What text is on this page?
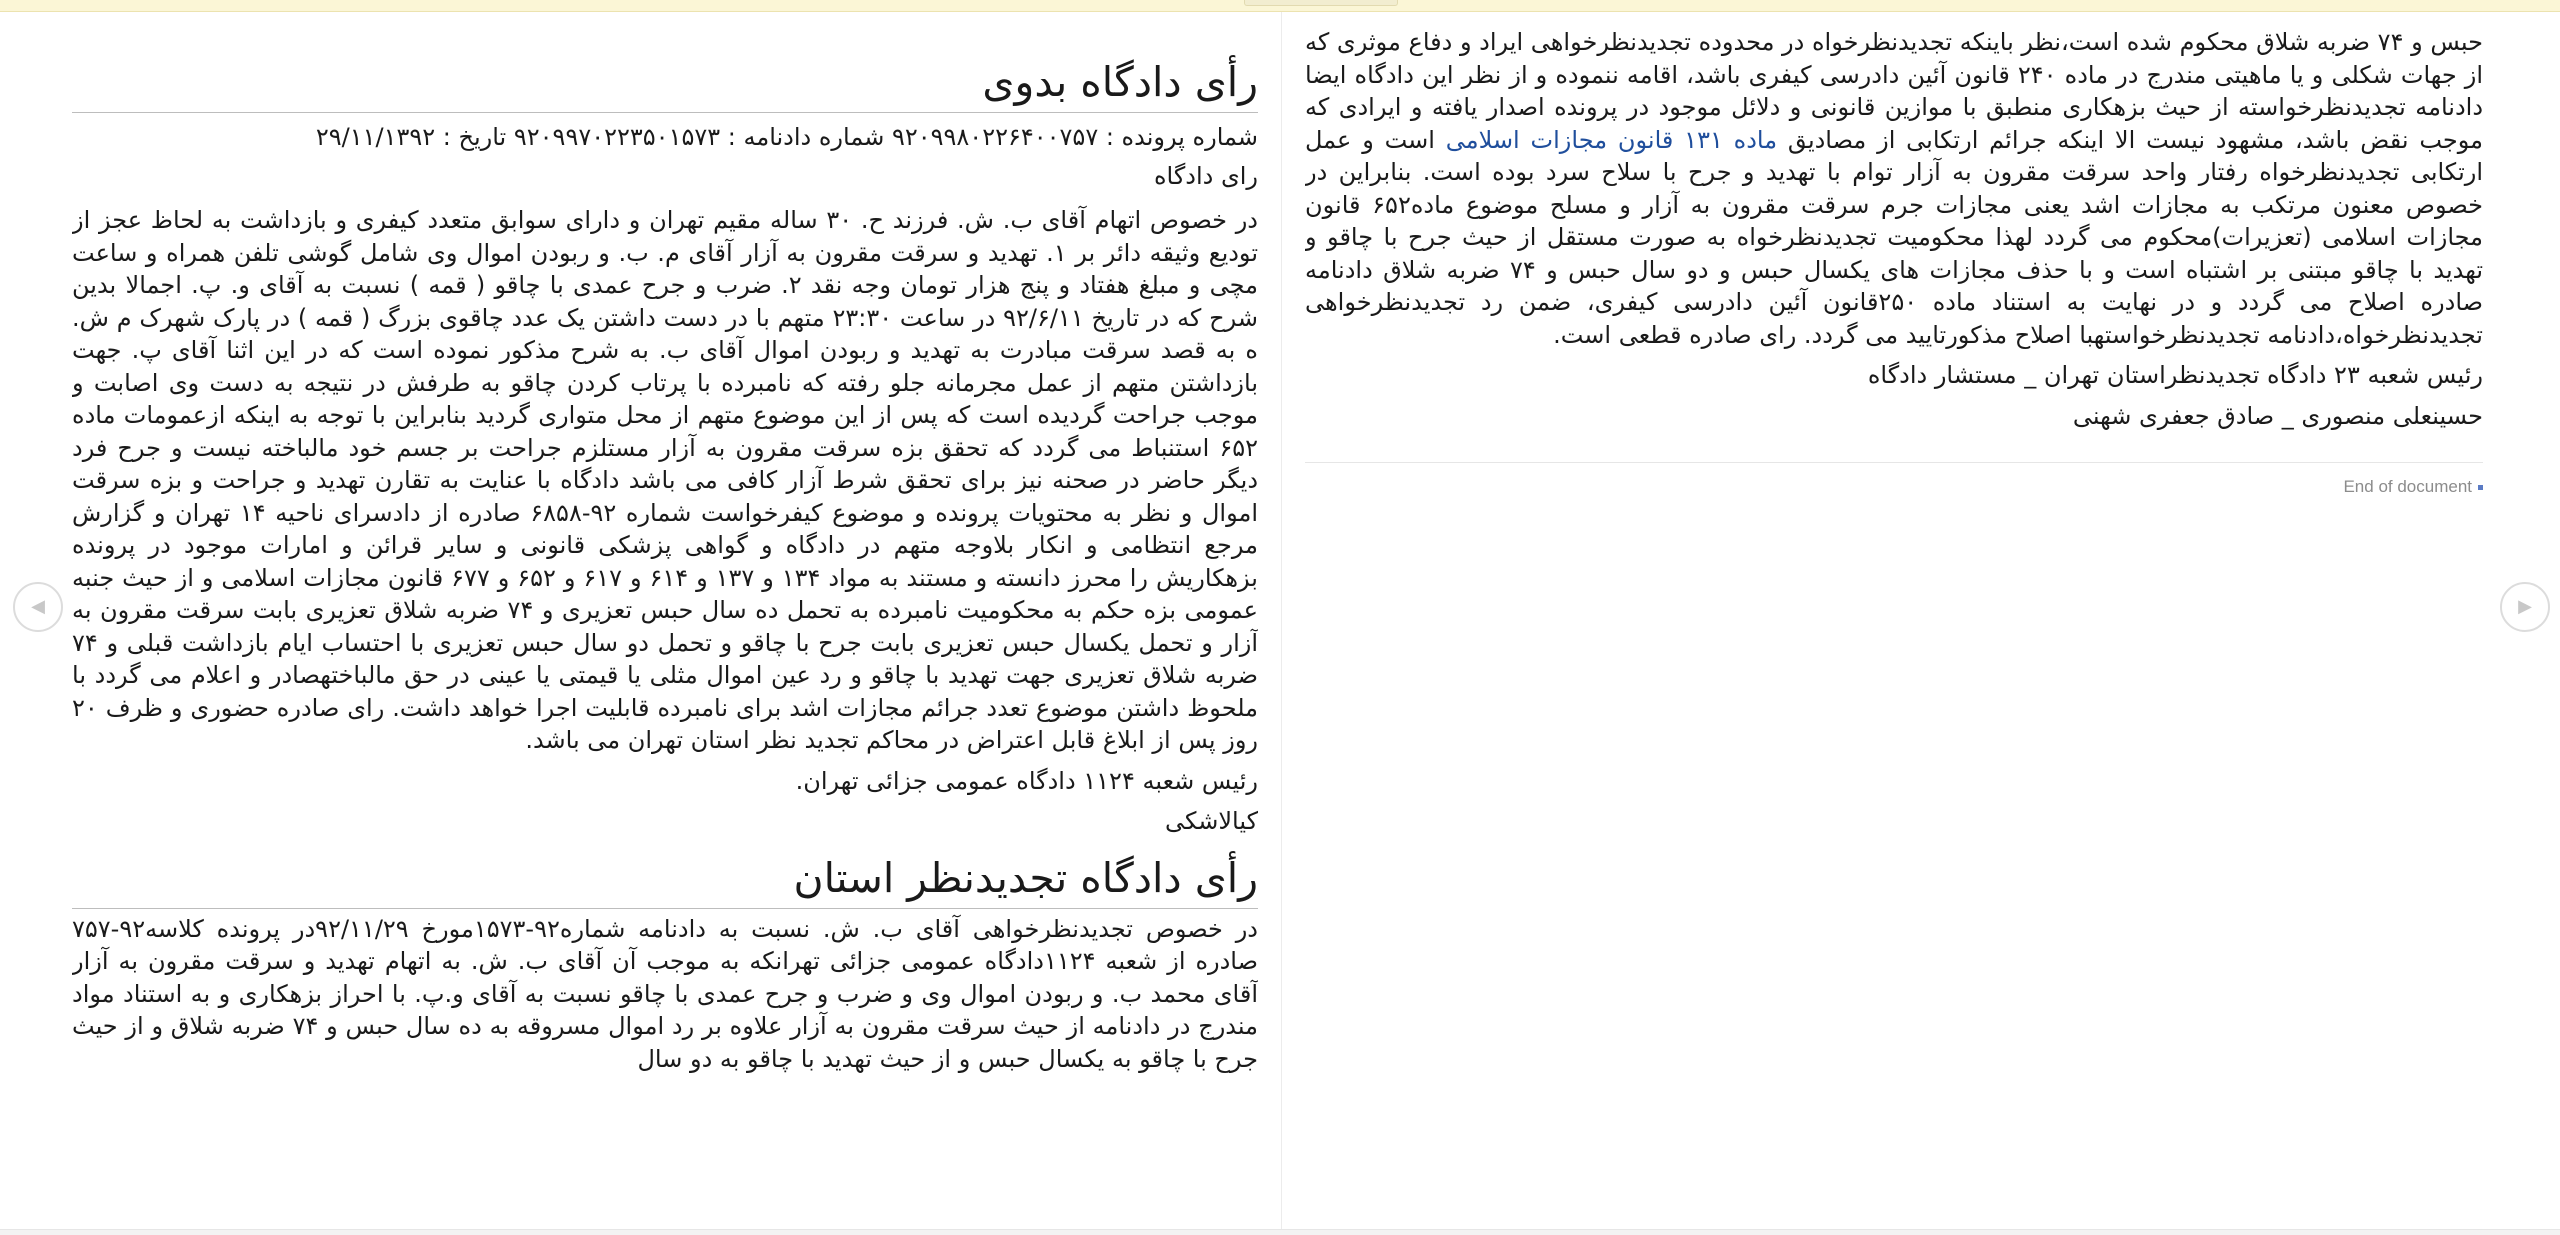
رأی دادگاه بدوی

شماره پرونده : ۹۲۰۹۹۸۰۲۲۶۴۰۰۷۵۷ شماره دادنامه : ۹۲۰۹۹۷۰۲۲۳۵۰۱۵۷۳ تاریخ : ۲۹/۱۱/۱۳۹۲

رای دادگاه

در خصوص اتهام آقای ب. ش. فرزند ح. ۳۰ ساله مقیم تهران و دارای سوابق متعدد کیفری و بازداشت به لحاظ عجز از تودیع وثیقه دائر بر ۱. تهدید و سرقت مقرون به آزار آقای م. ب. و ربودن اموال وی شامل گوشی تلفن همراه و ساعت مچی و مبلغ هفتاد و پنج هزار تومان وجه نقد ۲. ضرب و جرح عمدی با چاقو ( قمه ) نسبت به آقای و. پ. اجمالا بدین شرح که در تاریخ ۹۲/۶/۱۱ در ساعت ۲۳:۳۰ متهم با در دست داشتن یک عدد چاقوی بزرگ ( قمه ) در پارک شهرک م ش. ه به قصد سرقت مبادرت به تهدید و ربودن اموال آقای ب. به شرح مذکور نموده است که در این اثنا آقای پ. جهت بازداشتن متهم از عمل مجرمانه جلو رفته که نامبرده با پرتاب کردن چاقو به طرفش در نتیجه به دست وی اصابت و موجب جراحت گردیده است که پس از این موضوع متهم از محل متواری گردید بنابراین با توجه به اینکه ازعمومات ماده ۶۵۲ استنباط می گردد که تحقق بزه سرقت مقرون به آزار مستلزم جراحت بر جسم خود مالباخته نیست و جرح فرد دیگر حاضر در صحنه نیز برای تحقق شرط آزار کافی می باشد دادگاه با عنایت به تقارن تهدید و جراحت و بزه سرقت اموال و نظر به محتویات پرونده و موضوع کیفرخواست شماره ۹۲-۶۸۵۸ صادره از دادسرای ناحیه ۱۴ تهران و گزارش مرجع انتظامی و انکار بلاوجه متهم در دادگاه و گواهی پزشکی قانونی و سایر قرائن و امارات موجود در پرونده بزهکاریش را محرز دانسته و مستند به مواد ۱۳۴ و ۱۳۷ و ۶۱۴ و ۶۱۷ و ۶۵۲ و ۶۷۷ قانون مجازات اسلامی و از حیث جنبه عمومی بزه حکم به محکومیت نامبرده به تحمل ده سال حبس تعزیری و ۷۴ ضربه شلاق تعزیری بابت سرقت مقرون به آزار و تحمل یکسال حبس تعزیری بابت جرح با چاقو و تحمل دو سال حبس تعزیری با احتساب ایام بازداشت قبلی و ۷۴ ضربه شلاق تعزیری جهت تهدید با چاقو و رد عین اموال مثلی یا قیمتی یا عینی در حق مالباختهصادر و اعلام می گردد با ملحوظ داشتن موضوع تعدد جرائم مجازات اشد برای نامبرده قابلیت اجرا خواهد داشت. رای صادره حضوری و ظرف ۲۰ روز پس از ابلاغ قابل اعتراض در محاکم تجدید نظر استان تهران می باشد.

رئیس شعبه ۱۱۲۴ دادگاه عمومی جزائی تهران.

کیالاشکی

رأی دادگاه تجدیدنظر استان

در خصوص تجدیدنظرخواهی آقای ب. ش. نسبت به دادنامه شماره۹۲-۱۵۷۳مورخ ۹۲/۱۱/۲۹در پرونده کلاسه۹۲-۷۵۷ صادره از شعبه ۱۱۲۴دادگاه عمومی جزائی تهرانکه به موجب آن آقای ب. ش. به اتهام تهدید و سرقت مقرون به آزار آقای محمد ب. و ربودن اموال وی و ضرب و جرح عمدی با چاقو نسبت به آقای و.پ. با احراز بزهکاری و به استناد مواد مندرج در دادنامه از حیث سرقت مقرون به آزار علاوه بر رد اموال مسروقه به ده سال حبس و ۷۴ ضربه شلاق و از حیث جرح با چاقو به یکسال حبس و از حیث تهدید با چاقو به دو سال

حبس و ۷۴ ضربه شلاق محکوم شده است،نظر باینکه تجدیدنظرخواه در محدوده تجدیدنظرخواهی ایراد و دفاع موثری که از جهات شکلی و یا ماهیتی مندرج در ماده ۲۴۰ قانون آئین دادرسی کیفری باشد، اقامه ننموده و از نظر این دادگاه ایضا دادنامه تجدیدنظرخواسته از حیث بزهکاری منطبق با موازین قانونی و دلائل موجود در پرونده اصدار یافته و ایرادی که موجب نقض باشد، مشهود نیست الا اینکه جرائم ارتکابی از مصادیق ماده ۱۳۱ قانون مجازات اسلامی است و عمل ارتکابی تجدیدنظرخواه رفتار واحد سرقت مقرون به آزار توام با تهدید و جرح با سلاح سرد بوده است. بنابراین در خصوص معنون مرتکب به مجازات اشد یعنی مجازات جرم سرقت مقرون به آزار و مسلح موضوع ماده۶۵۲ قانون مجازات اسلامی (تعزیرات)محکوم می گردد لهذا محکومیت تجدیدنظرخواه به صورت مستقل از حیث جرح با چاقو و تهدید با چاقو مبتنی بر اشتباه است و با حذف مجازات های یکسال حبس و دو سال حبس و ۷۴ ضربه شلاق دادنامه صادره اصلاح می گردد و در نهایت به استناد ماده ۲۵۰قانون آئین دادرسی کیفری، ضمن رد تجدیدنظرخواهی تجدیدنظرخواه،دادنامه تجدیدنظرخواستهبا اصلاح مذکورتایید می گردد. رای صادره قطعی است.

رئیس شعبه ۲۳ دادگاه تجدیدنظراستان تهران _ مستشار دادگاه

حسینعلی منصوری _ صادق جعفری شهنی

End of document
◀	▶
